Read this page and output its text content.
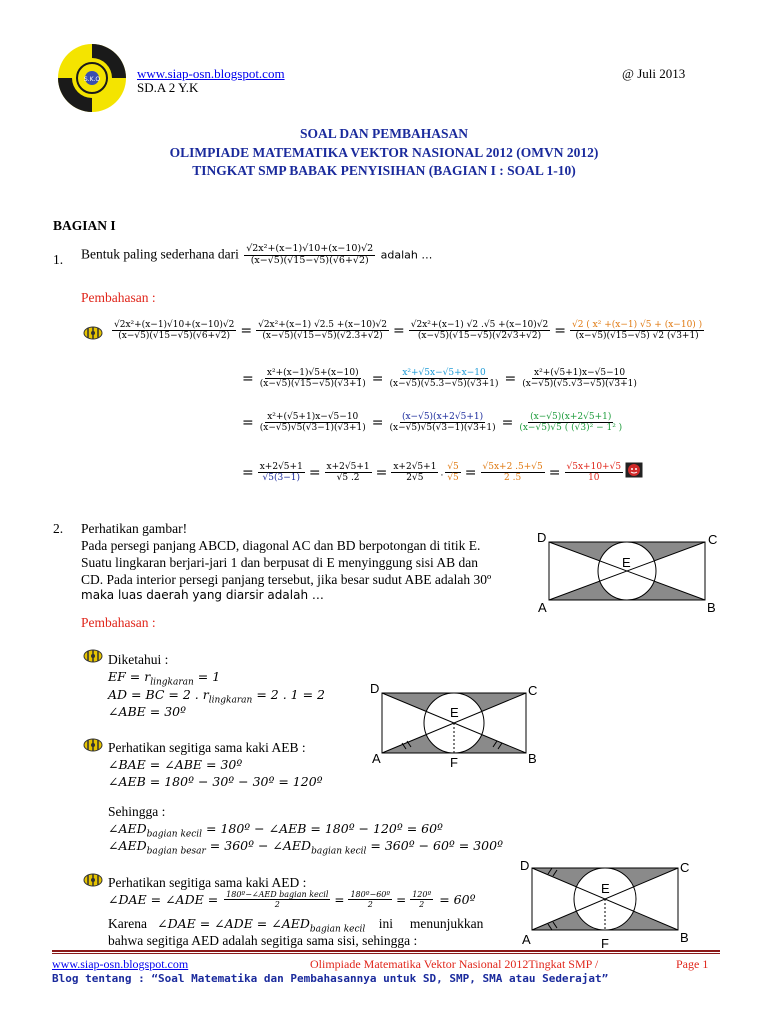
S.K.O	www.siap-osn.blogspot.com
SD.A 2 Y.K
@ Juli 2013
SOAL DAN PEMBAHASAN
OLIMPIADE MATEMATIKA VEKTOR NASIONAL 2012 (OMVN 2012)
TINGKAT SMP BABAK PENYISIHAN (BAGIAN I : SOAL 1-10)
BAGIAN I
1. Bentuk paling sederhana dari $\frac{\text{√2x²+(x−1)√10+(x−10)√2}}{(x-√5)(√15-√5)(√6+√2)}$ adalah …
Pembahasan :
$\frac{\text{√2x²+(x−1)√10+(x−10)√2}}{(x-√5)(√15-√5)(√6+√2)} = \frac{\text{√2x²+(x−1) √2.5 +(x−10)√2}}{(x-√5)(√15-√5)(√2.3+√2)} = \frac{\text{√2x²+(x−1) √2 .√5 +(x−10)√2}}{(x-√5)(√15-√5)(√2√3+√2)} = \frac{\text{√2 ( x² +(x−1) √5 + (x−10) )}}{(x-√5)(√15-√5) √2 (√3+1)}$
= $\frac{\text{x²+(x−1)√5+(x−10)}}{(x-√5)(√15-√5)(√3+1)} = \frac{\text{x²+√5x−√5+x−10}}{(x-√5)(√5.3-√5)(√3+1)} = \frac{\text{x²+(√5+1)x−√5−10}}{(x-√5)(√5.√3-√5)(√3+1)}$
= $\frac{\text{x²+(√5+1)x−√5−10}}{(x-√5)√5(√3-1)(√3+1)} = \frac{(x-√5)(x+2√5+1)}{(x-√5)√5(√3-1)(√3+1)} = \frac{(x-√5)(x+2√5+1)}{\text{(x−√5)√5 ( (√3)² − 1² )}}$
= $\frac{x+2√5+1}{√5(3-1)} = \frac{x+2√5+1}{√5 .2} = \frac{x+2√5+1}{2√5}$ . $\frac{√5}{√5} = \frac{√5x+2 .5+√5}{2 .5} = \frac{√5x+10+√5}{10}$
2. Perhatikan gambar!
Pada persegi panjang ABCD, diagonal AC dan BD berpotongan di titik E.
Suatu lingkaran berjari-jari 1 dan berpusat di E menyinggung sisi AB dan
CD. Pada interior persegi panjang tersebut, jika besar sudut ABE adalah 30º
maka luas daerah yang diarsir adalah …
D	C
E
A	B
Pembahasan :
Diketahui :
EF = $r_{lingkaran} = 1$
AD = BC = 2 . $r_{lingkaran} = 2$ . 1 = 2
∠ABE = 30º
D	C
E
A	B
F
Perhatikan segitiga sama kaki AEB :
∠BAE = ∠ABE = 30º
∠AEB = 180º − 30º − 30º = 120º
Sehingga :
$\angle AED_{bagian kecil}$ = 180º − ∠AEB = 180º − 120º = 60º
$\angle AED_{bagian besar}$ = 360º − $\angle AED_{bagian kecil}$ = 360º − 60º = 300º
Perhatikan segitiga sama kaki AED :
∠DAE = ∠ADE = $\frac{\text{180º−∠AED bagian kecil}}{2} = \frac{\text{180º−60º}}{2} = \frac{\text{120º}}{2}$ = 60º
Karena ∠DAE = ∠ADE = $\angle AED_{bagian kecil}$ ini menunjukkan
bahwa segitiga AED adalah segitiga sama sisi, sehingga :
D	C
E
A	B
F
www.siap-osn.blogspot.com	Olimpiade Matematika Vektor Nasional 2012Tingkat SMP /	Page 1
Blog tentang : “Soal Matematika dan Pembahasannya untuk SD, SMP, SMA atau Sederajat”
